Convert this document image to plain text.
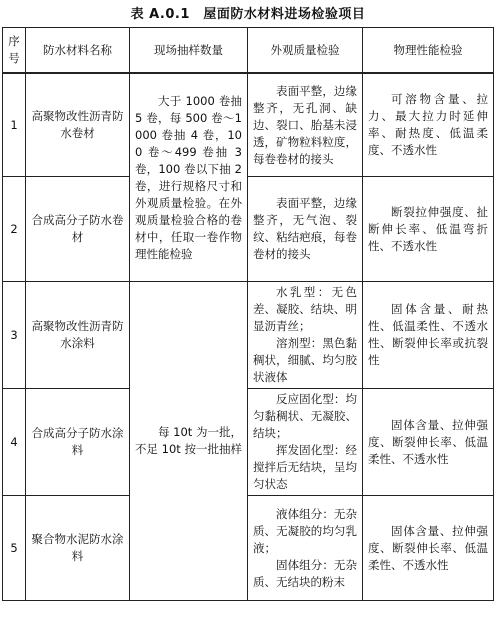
表 A.0.1　屋面防水材料进场检验项目
序号	防水材料名称	现场抽样数量	外观质量检验	物理性能检验
1	高聚物改性沥青防水卷材	大于 1000 卷抽 5 卷，每 500 卷～1000 卷抽 4 卷，100 卷～499 卷抽 3 卷，100 卷以下抽 2 卷，进行规格尺寸和外观质量检验。在外观质量检验合格的卷材中，任取一卷作物理性能检验	表面平整，边缘整齐，无孔洞、缺边、裂口、胎基未浸透，矿物粒料粒度，每卷卷材的接头	可溶物含量、拉力、最大拉力时延伸率、耐热度、低温柔度、不透水性
2	合成高分子防水卷材		表面平整，边缘整齐，无气泡、裂纹、粘结疤痕，每卷卷材的接头	断裂拉伸强度、扯断伸长率、低温弯折性、不透水性
3	高聚物改性沥青防水涂料	每 10t 为一批，不足 10t 按一批抽样	水乳型：无色差、凝胶、结块、明显沥青丝；
溶剂型：黑色黏稠状，细腻、均匀胶状液体	固体含量、耐热性、低温柔性、不透水性、断裂伸长率或抗裂性
4	合成高分子防水涂料		反应固化型：均匀黏稠状、无凝胶、结块；
挥发固化型：经搅拌后无结块，呈均匀状态	固体含量、拉伸强度、断裂伸长率、低温柔性、不透水性
5	聚合物水泥防水涂料		液体组分：无杂质、无凝胶的均匀乳液；
固体组分：无杂质、无结块的粉末	固体含量、拉伸强度、断裂伸长率、低温柔性、不透水性
